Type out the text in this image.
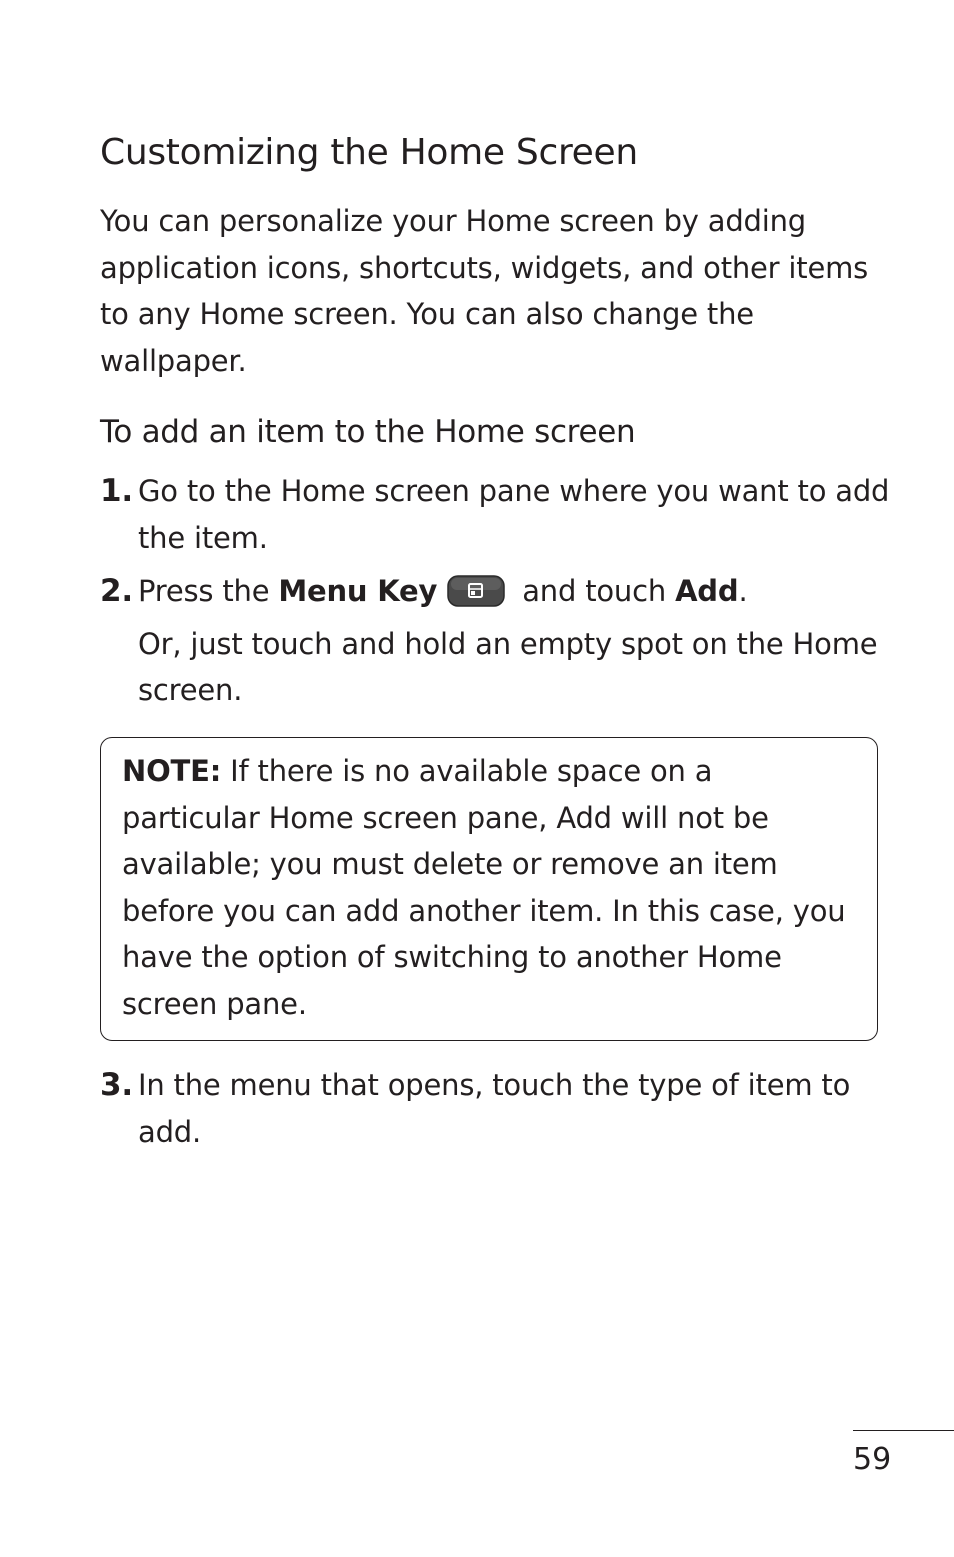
Customizing the Home Screen

You can personalize your Home screen by adding application icons, shortcuts, widgets, and other items to any Home screen. You can also change the wallpaper.

To add an item to the Home screen
1. Go to the Home screen pane where you want to add the item.
2. Press the Menu Key	and touch Add.
Or, just touch and hold an empty spot on the Home screen.
NOTE: If there is no available space on a particular Home screen pane, Add will not be available; you must delete or remove an item before you can add another item. In this case, you have the option of switching to another Home screen pane.
3. In the menu that opens, touch the type of item to add.
59
